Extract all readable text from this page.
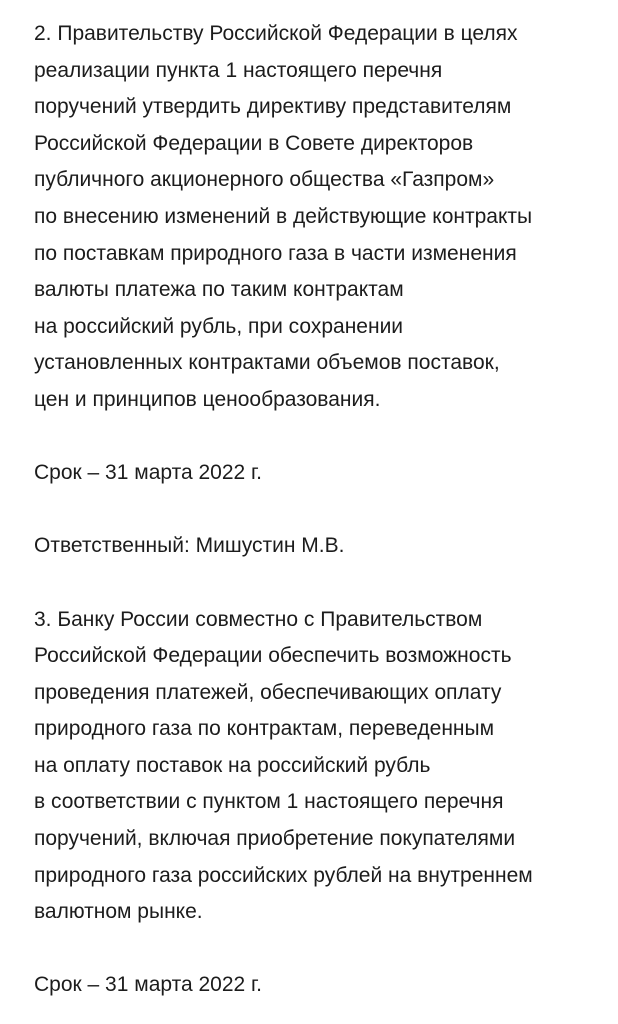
2. Правительству Российской Федерации в целях
реализации пункта 1 настоящего перечня
поручений утвердить директиву представителям
Российской Федерации в Совете директоров
публичного акционерного общества «Газпром»
по внесению изменений в действующие контракты
по поставкам природного газа в части изменения
валюты платежа по таким контрактам
на российский рубль, при сохранении
установленных контрактами объемов поставок,
цен и принципов ценообразования.
Срок – 31 марта 2022 г.
Ответственный: Мишустин М.В.
3. Банку России совместно с Правительством
Российской Федерации обеспечить возможность
проведения платежей, обеспечивающих оплату
природного газа по контрактам, переведенным
на оплату поставок на российский рубль
в соответствии с пунктом 1 настоящего перечня
поручений, включая приобретение покупателями
природного газа российских рублей на внутреннем
валютном рынке.
Срок – 31 марта 2022 г.
